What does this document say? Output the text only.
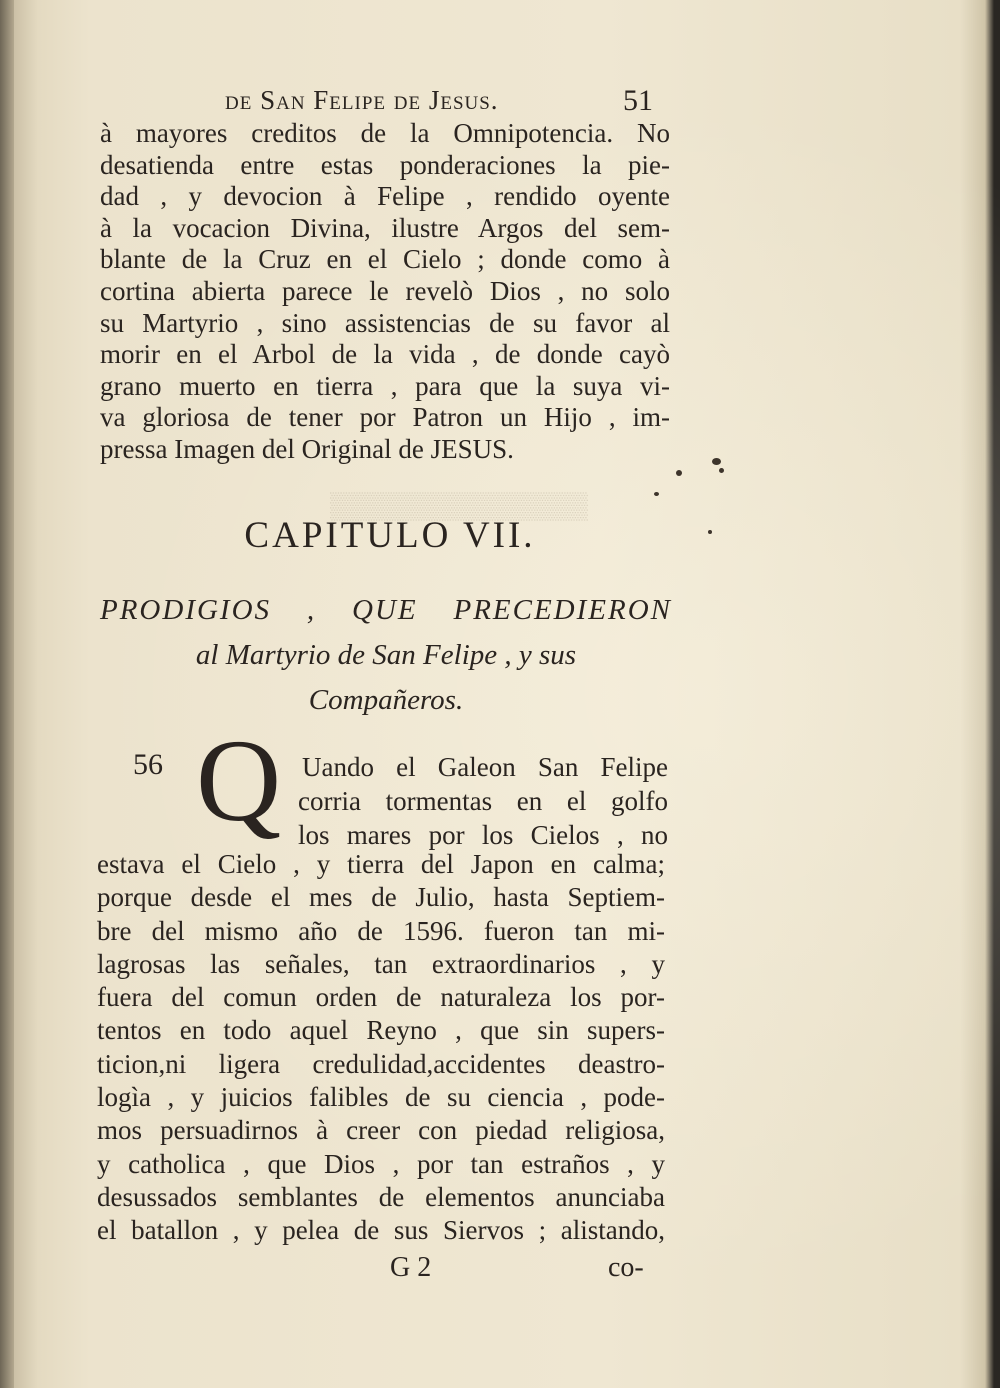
▒▒▒▒▒▒▒▒▒▒▒▒▒▒
de San Felipe de Jesus.	51
à mayores creditos de la Omnipotencia. No
desatienda entre estas ponderaciones la pie-
dad , y devocion à Felipe , rendido oyente
à la vocacion Divina, ilustre Argos del sem-
blante de la Cruz en el Cielo ; donde como à
cortina abierta parece le revelò Dios , no solo
su Martyrio , sino assistencias de su favor al
morir en el Arbol de la vida , de donde cayò
grano muerto en tierra , para que la suya vi-
va gloriosa de tener por Patron un Hijo , im-
pressa Imagen del Original de JESUS.
CAPITULO VII.
PRODIGIOS , QUE PRECEDIERON
al Martyrio de San Felipe , y sus
Compañeros.
56 Q Uando el Galeon San Felipe
corria tormentas en el golfo
los mares por los Cielos , no
estava el Cielo , y tierra del Japon en calma;
porque desde el mes de Julio, hasta Septiem-
bre del mismo año de 1596. fueron tan mi-
lagrosas las señales, tan extraordinarios , y
fuera del comun orden de naturaleza los por-
tentos en todo aquel Reyno , que sin supers-
ticion,ni ligera credulidad,accidentes deastro-
logìa , y juicios falibles de su ciencia , pode-
mos persuadirnos à creer con piedad religiosa,
y catholica , que Dios , por tan estraños , y
desussados semblantes de elementos anunciaba
el batallon , y pelea de sus Siervos ; alistando,
G 2	co-
